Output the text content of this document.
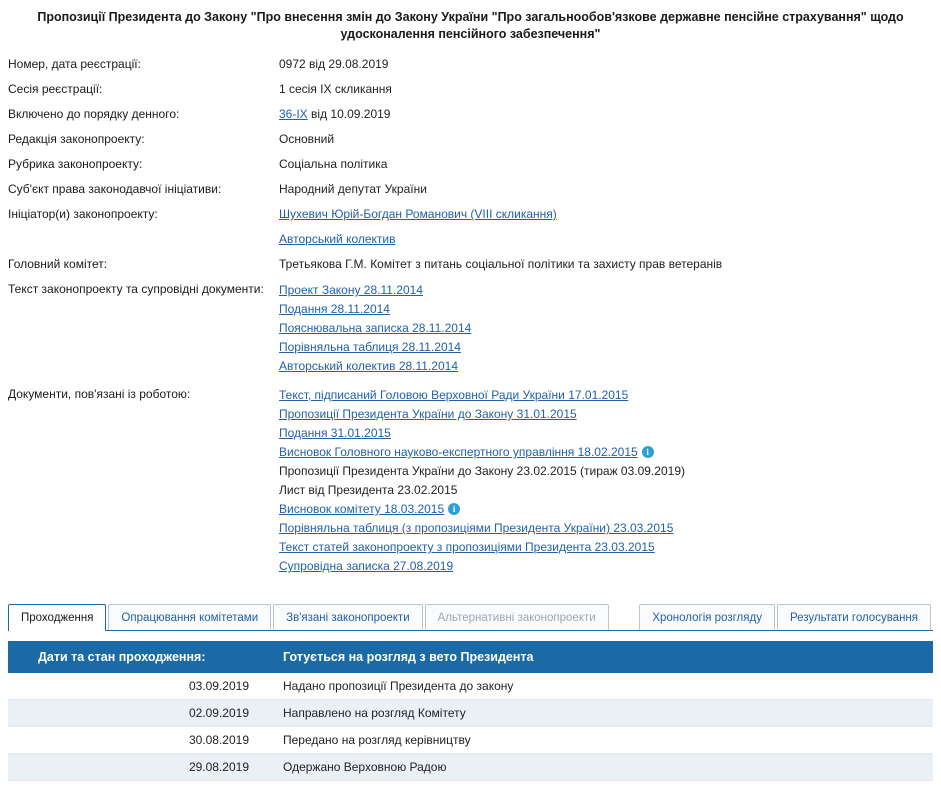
Пропозиції Президента до Закону "Про внесення змін до Закону України "Про загальнообов'язкове державне пенсійне страхування" щодо удосконалення пенсійного забезпечення"
Номер, дата реєстрації:	0972 від 29.08.2019
Сесія реєстрації:	1 сесія IX скликання
Включено до порядку денного:	36-IX від 10.09.2019
Редакція законопроекту:	Основний
Рубрика законопроекту:	Соціальна політика
Суб'єкт права законодавчої ініціативи:	Народний депутат України
Ініціатор(и) законопроекту:	Шухевич Юрій-Богдан Романович (VIII скликання)
Авторський колектив

Головний комітет:	Третьякова Г.М. Комітет з питань соціальної політики та захисту прав ветеранів
Текст законопроекту та супровідні документи:	Проект Закону 28.11.2014
Подання 28.11.2014
Пояснювальна записка 28.11.2014
Порівняльна таблиця 28.11.2014
Авторський колектив 28.11.2014

Документи, пов'язані із роботою:	Текст, підписаний Головою Верховної Ради України 17.01.2015
Пропозиції Президента України до Закону 31.01.2015
Подання 31.01.2015
Висновок Головного науково-експертного управління 18.02.2015 i
Пропозиції Президента України до Закону 23.02.2015 (тираж 03.09.2019)
Лист від Президента 23.02.2015
Висновок комітету 18.03.2015 i
Порівняльна таблиця (з пропозиціями Президента України) 23.03.2015
Текст статей законопроекту з пропозиціями Президента 23.03.2015
Супровідна записка 27.08.2019
Проходження	Опрацювання комітетами	Зв'язані законопроекти	Альтернативні законопроекти	Хронологія розгляду	Результати голосування
Дати та стан проходження:	Готується на розгляд з вето Президента
03.09.2019	Надано пропозиції Президента до закону
02.09.2019	Направлено на розгляд Комітету
30.08.2019	Передано на розгляд керівництву
29.08.2019	Одержано Верховною Радою
